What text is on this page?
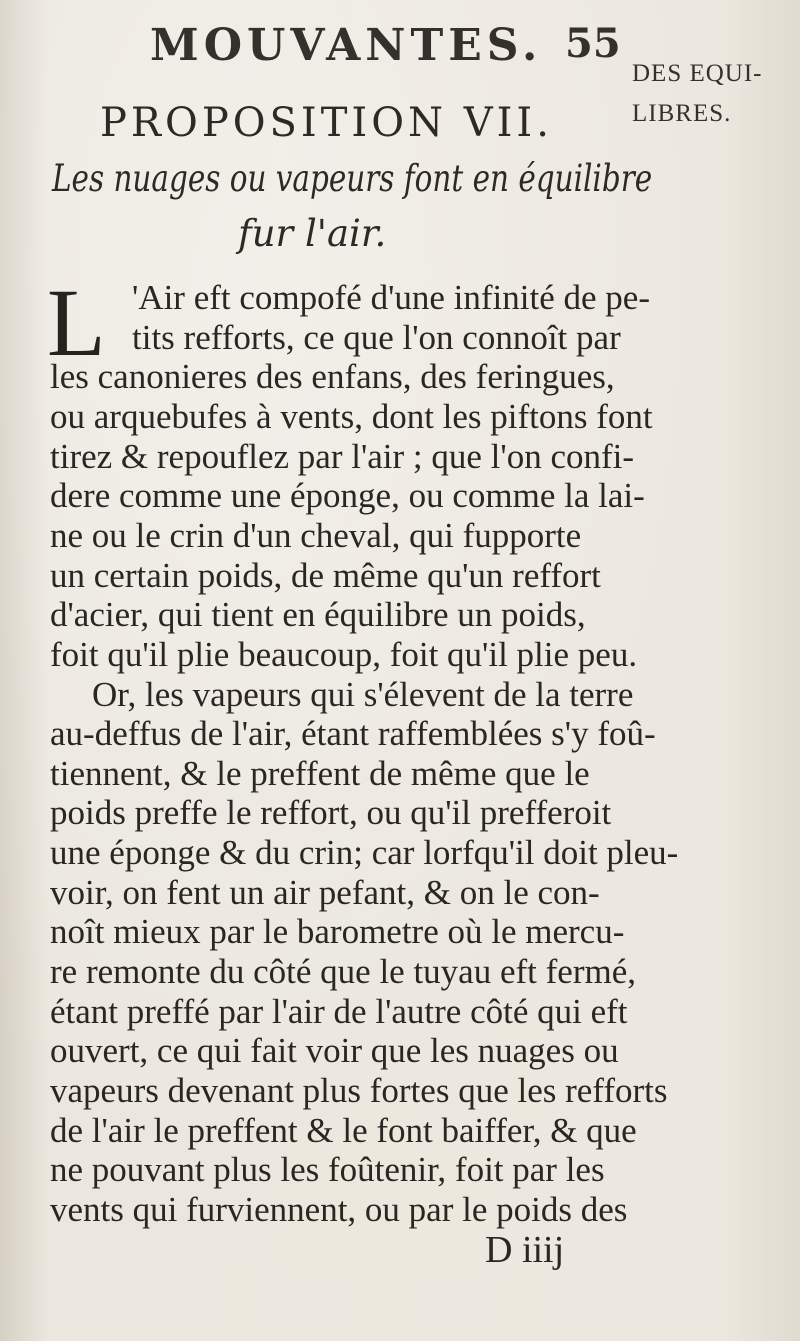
MOUVANTES. 55
DES EQUI-
LIBRES.
PROPOSITION VII.
Les nuages ou vapeurs font en équilibre
fur l'air.
L 'Air eft compofé d'une infinité de pe-
tits refforts, ce que l'on connoît par
les canonieres des enfans, des feringues,
ou arquebufes à vents, dont les piftons font
tirez & repouflez par l'air ; que l'on confi-
dere comme une éponge, ou comme la lai-
ne ou le crin d'un cheval, qui fupporte
un certain poids, de même qu'un reffort
d'acier, qui tient en équilibre un poids,
foit qu'il plie beaucoup, foit qu'il plie peu.
Or, les vapeurs qui s'élevent de la terre
au-deffus de l'air, étant raffemblées s'y foû-
tiennent, & le preffent de même que le
poids preffe le reffort, ou qu'il prefferoit
une éponge & du crin; car lorfqu'il doit pleu-
voir, on fent un air pefant, & on le con-
noît mieux par le barometre où le mercu-
re remonte du côté que le tuyau eft fermé,
étant preffé par l'air de l'autre côté qui eft
ouvert, ce qui fait voir que les nuages ou
vapeurs devenant plus fortes que les refforts
de l'air le preffent & le font baiffer, & que
ne pouvant plus les foûtenir, foit par les
vents qui furviennent, ou par le poids des
D iiij
